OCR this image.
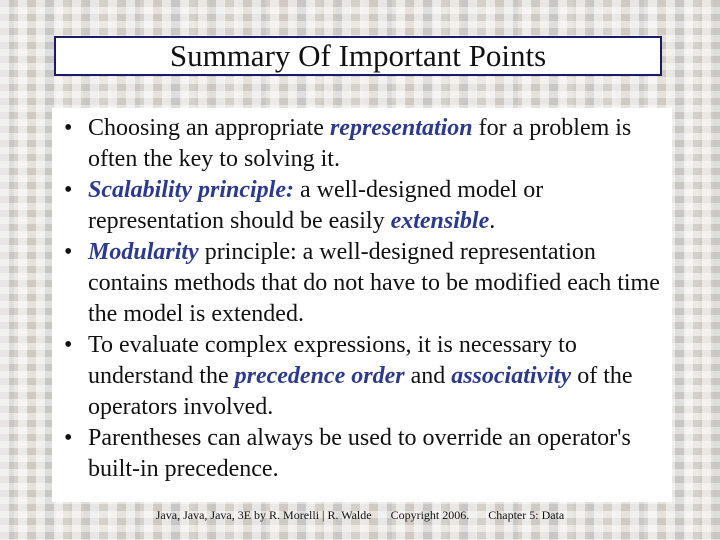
Summary Of Important Points
• Choosing an appropriate representation for a problem is often the key to solving it.
• Scalability principle: a well-designed model or representation should be easily extensible.
• Modularity principle: a well-designed representation contains methods that do not have to be modified each time the model is extended.
• To evaluate complex expressions, it is necessary to understand the precedence order and associativity of the operators involved.
• Parentheses can always be used to override an operator's built-in precedence.
Java, Java, Java, 3E by R. Morelli | R. Walde Copyright 2006. Chapter 5: Data
